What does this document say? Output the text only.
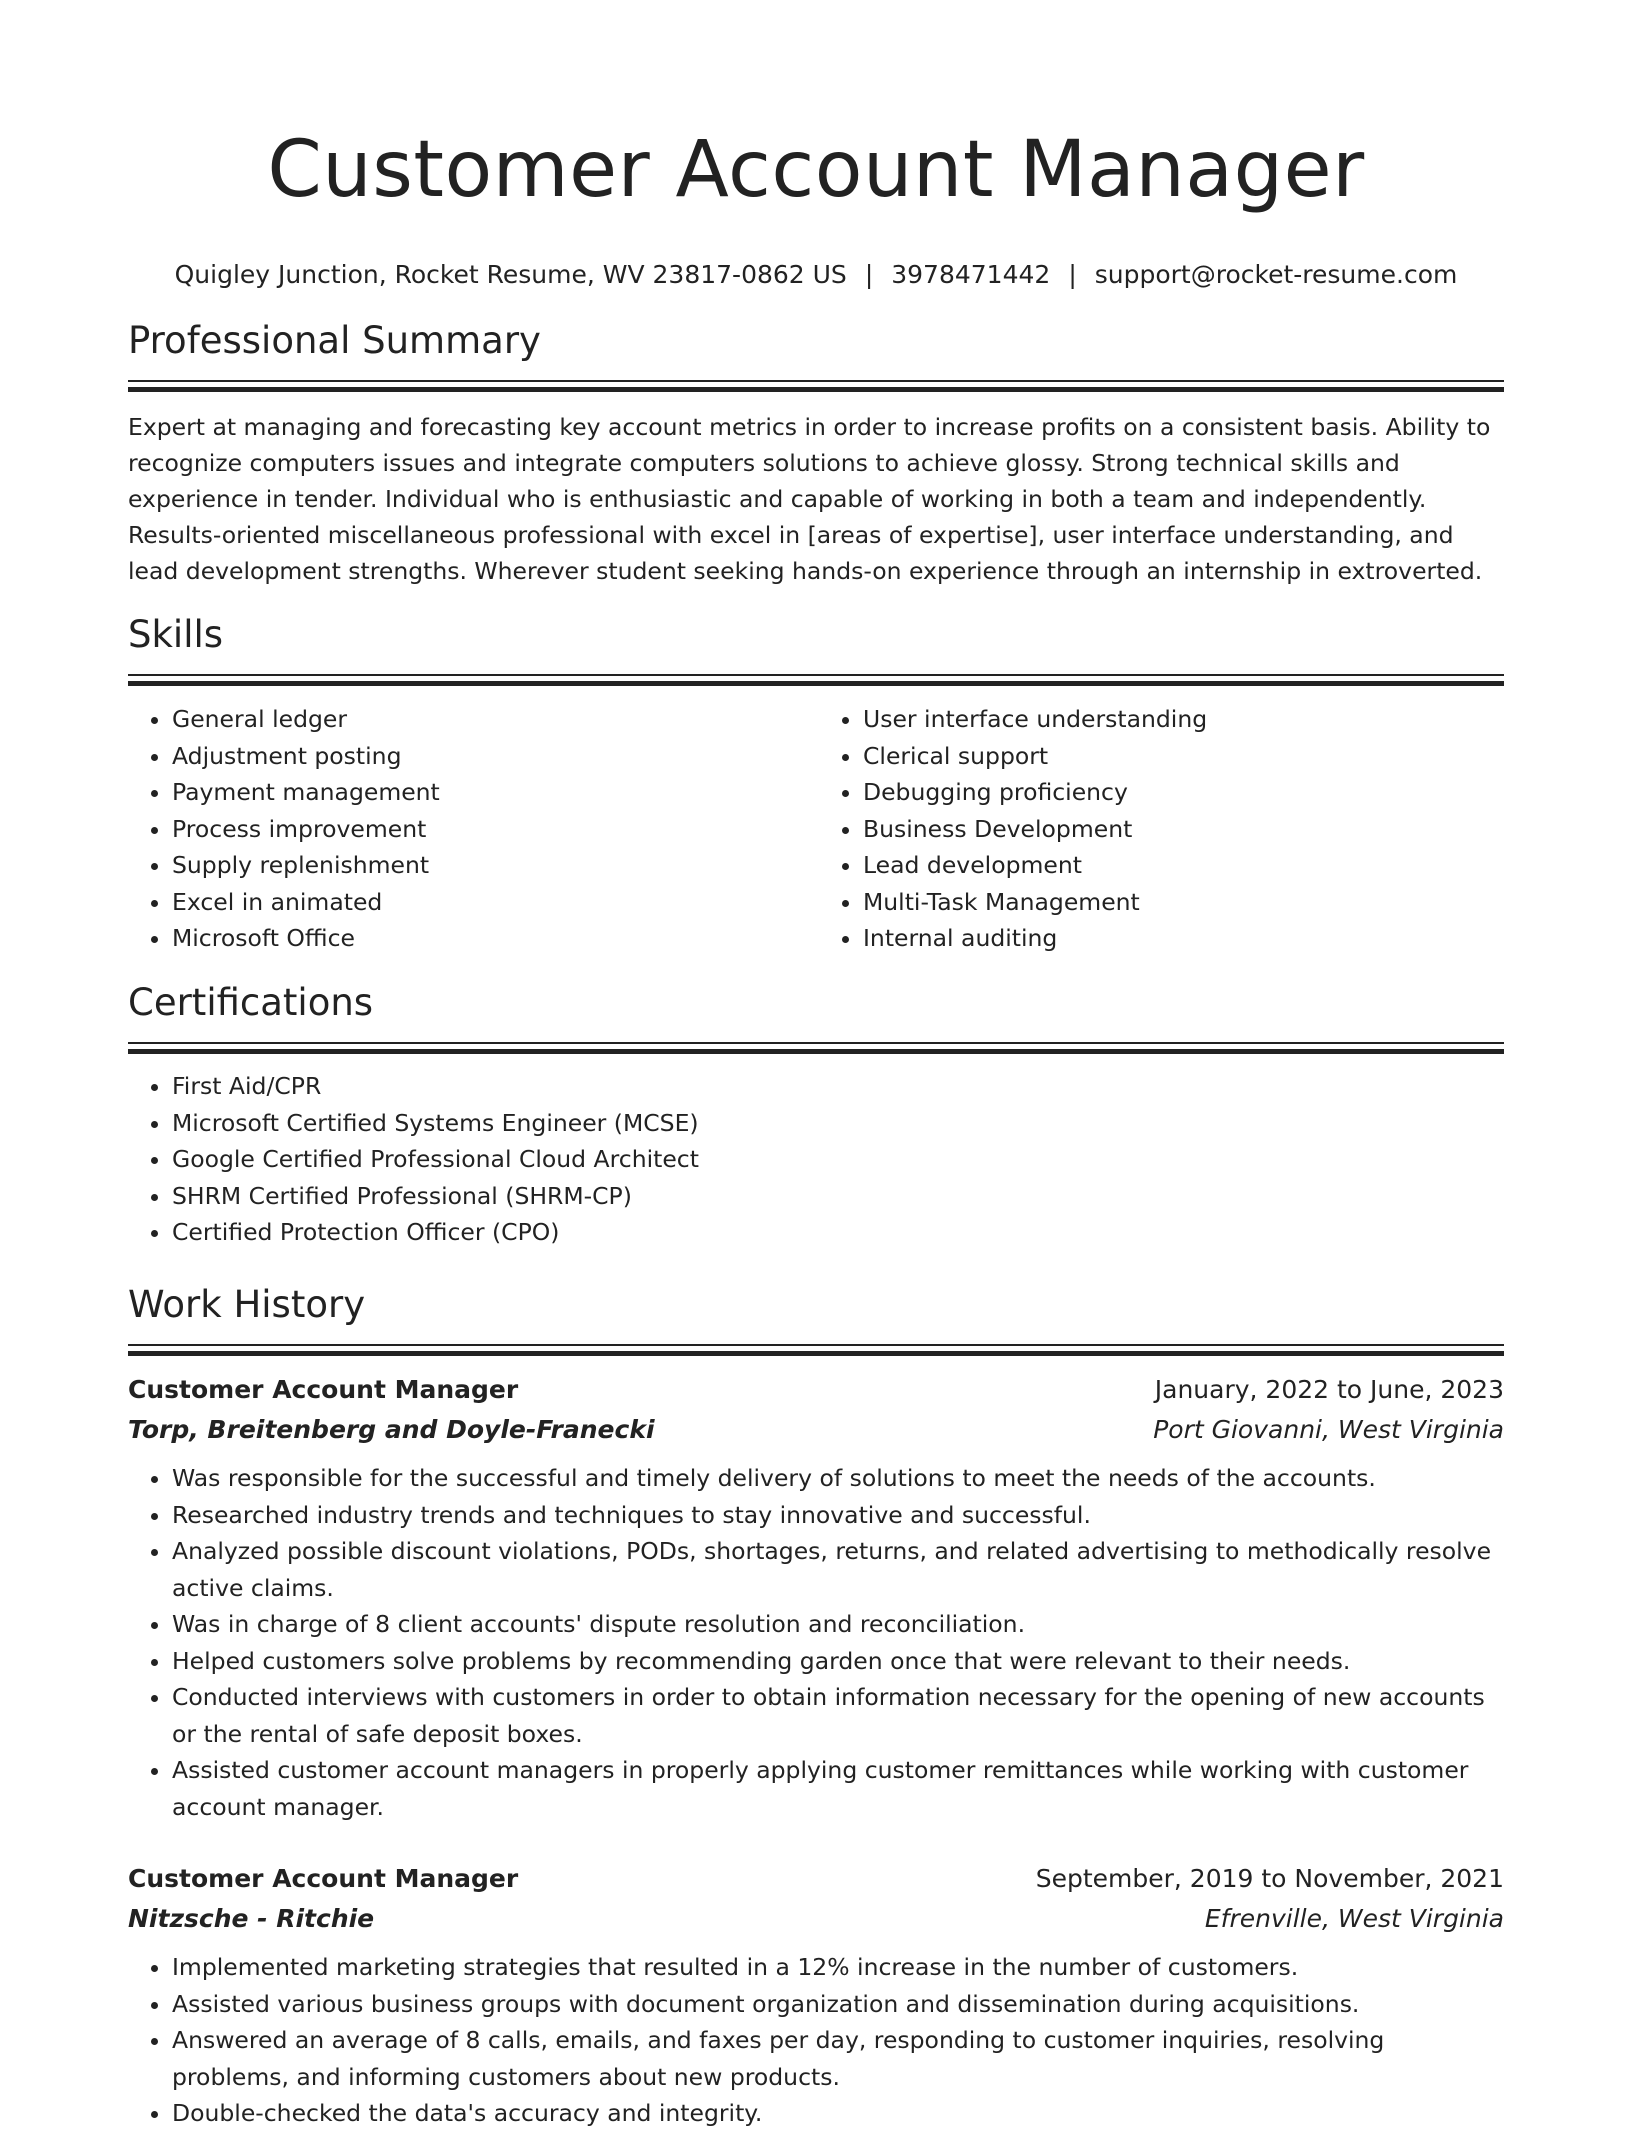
Customer Account Manager
Quigley Junction, Rocket Resume, WV 23817-0862 US | 3978471442 | support@rocket-resume.com
Professional Summary
Expert at managing and forecasting key account metrics in order to increase profits on a consistent basis. Ability to recognize computers issues and integrate computers solutions to achieve glossy. Strong technical skills and experience in tender. Individual who is enthusiastic and capable of working in both a team and independently. Results-oriented miscellaneous professional with excel in [areas of expertise], user interface understanding, and lead development strengths. Wherever student seeking hands-on experience through an internship in extroverted.
Skills
• General ledger
• Adjustment posting
• Payment management
• Process improvement
• Supply replenishment
• Excel in animated
• Microsoft Office
• User interface understanding
• Clerical support
• Debugging proficiency
• Business Development
• Lead development
• Multi-Task Management
• Internal auditing
Certifications
• First Aid/CPR
• Microsoft Certified Systems Engineer (MCSE)
• Google Certified Professional Cloud Architect
• SHRM Certified Professional (SHRM-CP)
• Certified Protection Officer (CPO)
Work History
Customer Account Manager	January, 2022 to June, 2023
Torp, Breitenberg and Doyle-Franecki	Port Giovanni, West Virginia
• Was responsible for the successful and timely delivery of solutions to meet the needs of the accounts.
• Researched industry trends and techniques to stay innovative and successful.
• Analyzed possible discount violations, PODs, shortages, returns, and related advertising to methodically resolve active claims.
• Was in charge of 8 client accounts' dispute resolution and reconciliation.
• Helped customers solve problems by recommending garden once that were relevant to their needs.
• Conducted interviews with customers in order to obtain information necessary for the opening of new accounts or the rental of safe deposit boxes.
• Assisted customer account managers in properly applying customer remittances while working with customer account manager.
Customer Account Manager	September, 2019 to November, 2021
Nitzsche - Ritchie	Efrenville, West Virginia
• Implemented marketing strategies that resulted in a 12% increase in the number of customers.
• Assisted various business groups with document organization and dissemination during acquisitions.
• Answered an average of 8 calls, emails, and faxes per day, responding to customer inquiries, resolving problems, and informing customers about new products.
• Double-checked the data's accuracy and integrity.
